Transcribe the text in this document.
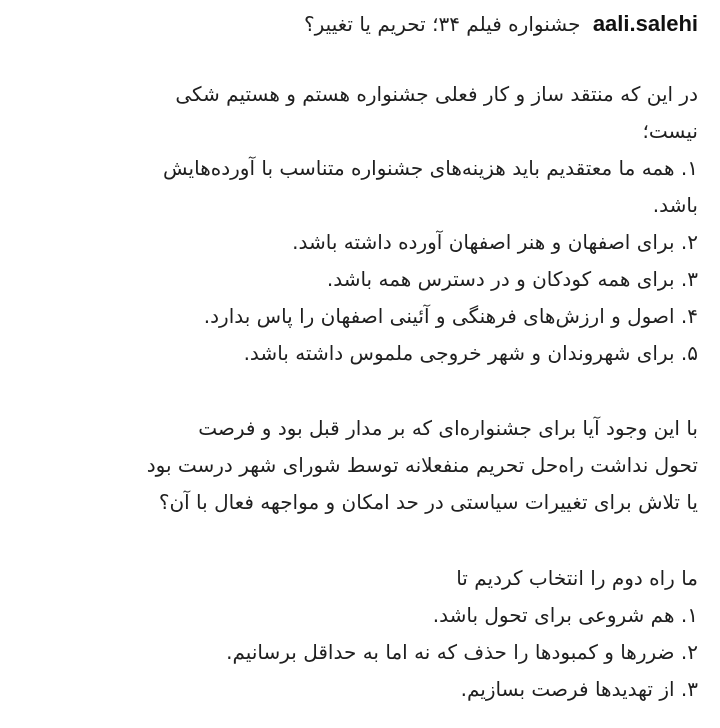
aali.salehi جشنواره فیلم ۳۴؛ تحریم یا تغییر؟
در این که منتقد ساز و کار فعلی جشنواره هستم و هستیم شکی
نیست؛
۱. همه ما معتقدیم باید هزینه‌های جشنواره متناسب با آورده‌هایش
باشد.
۲. برای اصفهان و هنر اصفهان آورده داشته باشد.
۳. برای همه کودکان و در دسترس همه باشد.
۴. اصول و ارزش‌های فرهنگی و آئینی اصفهان را پاس بدارد.
۵. برای شهروندان و شهر خروجی ملموس داشته باشد.
با این وجود آیا برای جشنواره‌ای که بر مدار قبل بود و فرصت
تحول نداشت راه‌حل تحریم منفعلانه توسط شورای شهر درست بود
یا تلاش برای تغییرات سیاستی در حد امکان و مواجهه فعال با آن؟
ما راه دوم را انتخاب کردیم تا
۱. هم شروعی برای تحول باشد.
۲. ضررها و کمبودها را حذف که نه اما به حداقل برسانیم.
۳. از تهدیدها فرصت بسازیم.
